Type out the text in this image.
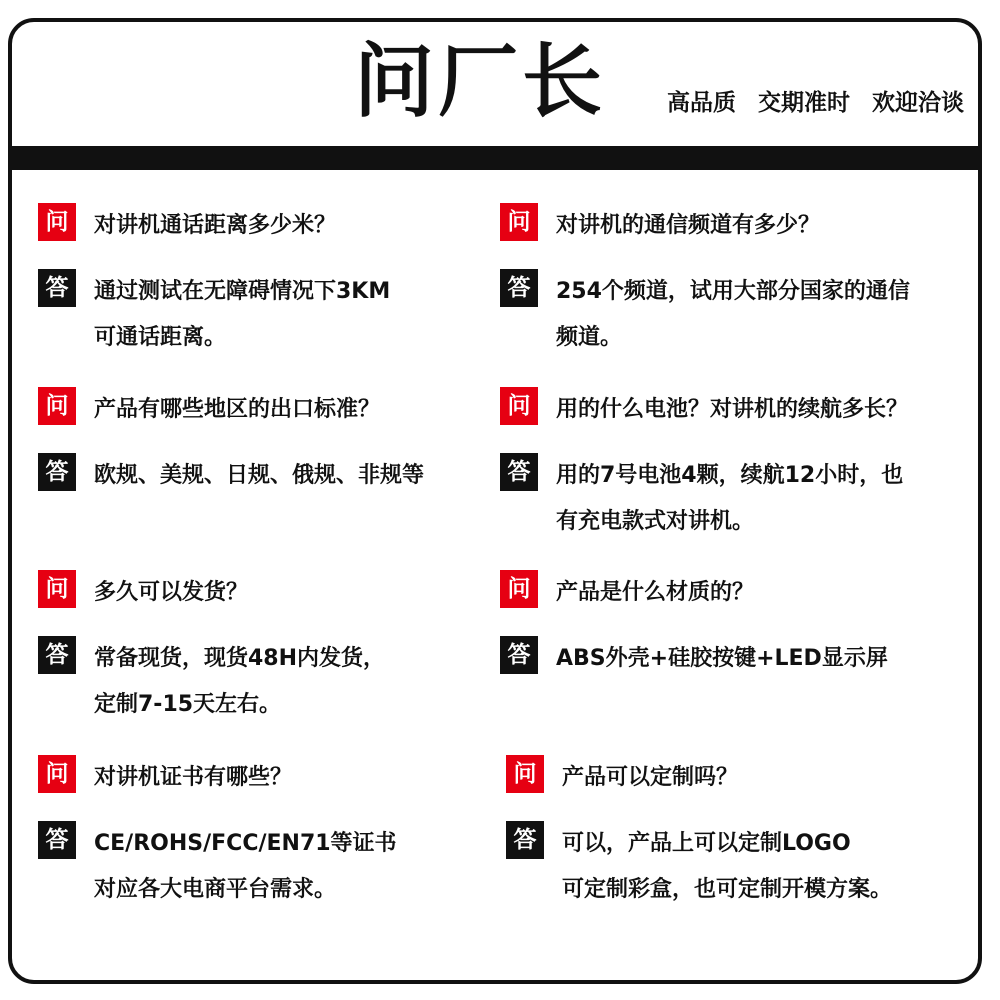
问厂长	高品质 交期准时 欢迎洽谈
问	对讲机通话距离多少米？
答	通过测试在无障碍情况下3KM
可通话距离。
问	对讲机的通信频道有多少？
答	254个频道，试用大部分国家的通信
频道。
问	产品有哪些地区的出口标准？
答	欧规、美规、日规、俄规、非规等
问	用的什么电池？对讲机的续航多长？
答	用的7号电池4颗，续航12小时，也
有充电款式对讲机。
问	多久可以发货？
答	常备现货，现货48H内发货，
定制7-15天左右。
问	产品是什么材质的？
答	ABS外壳+硅胶按键+LED显示屏
问	对讲机证书有哪些？
答	CE/ROHS/FCC/EN71等证书
对应各大电商平台需求。
问	产品可以定制吗？
答	可以，产品上可以定制LOGO
可定制彩盒，也可定制开模方案。
